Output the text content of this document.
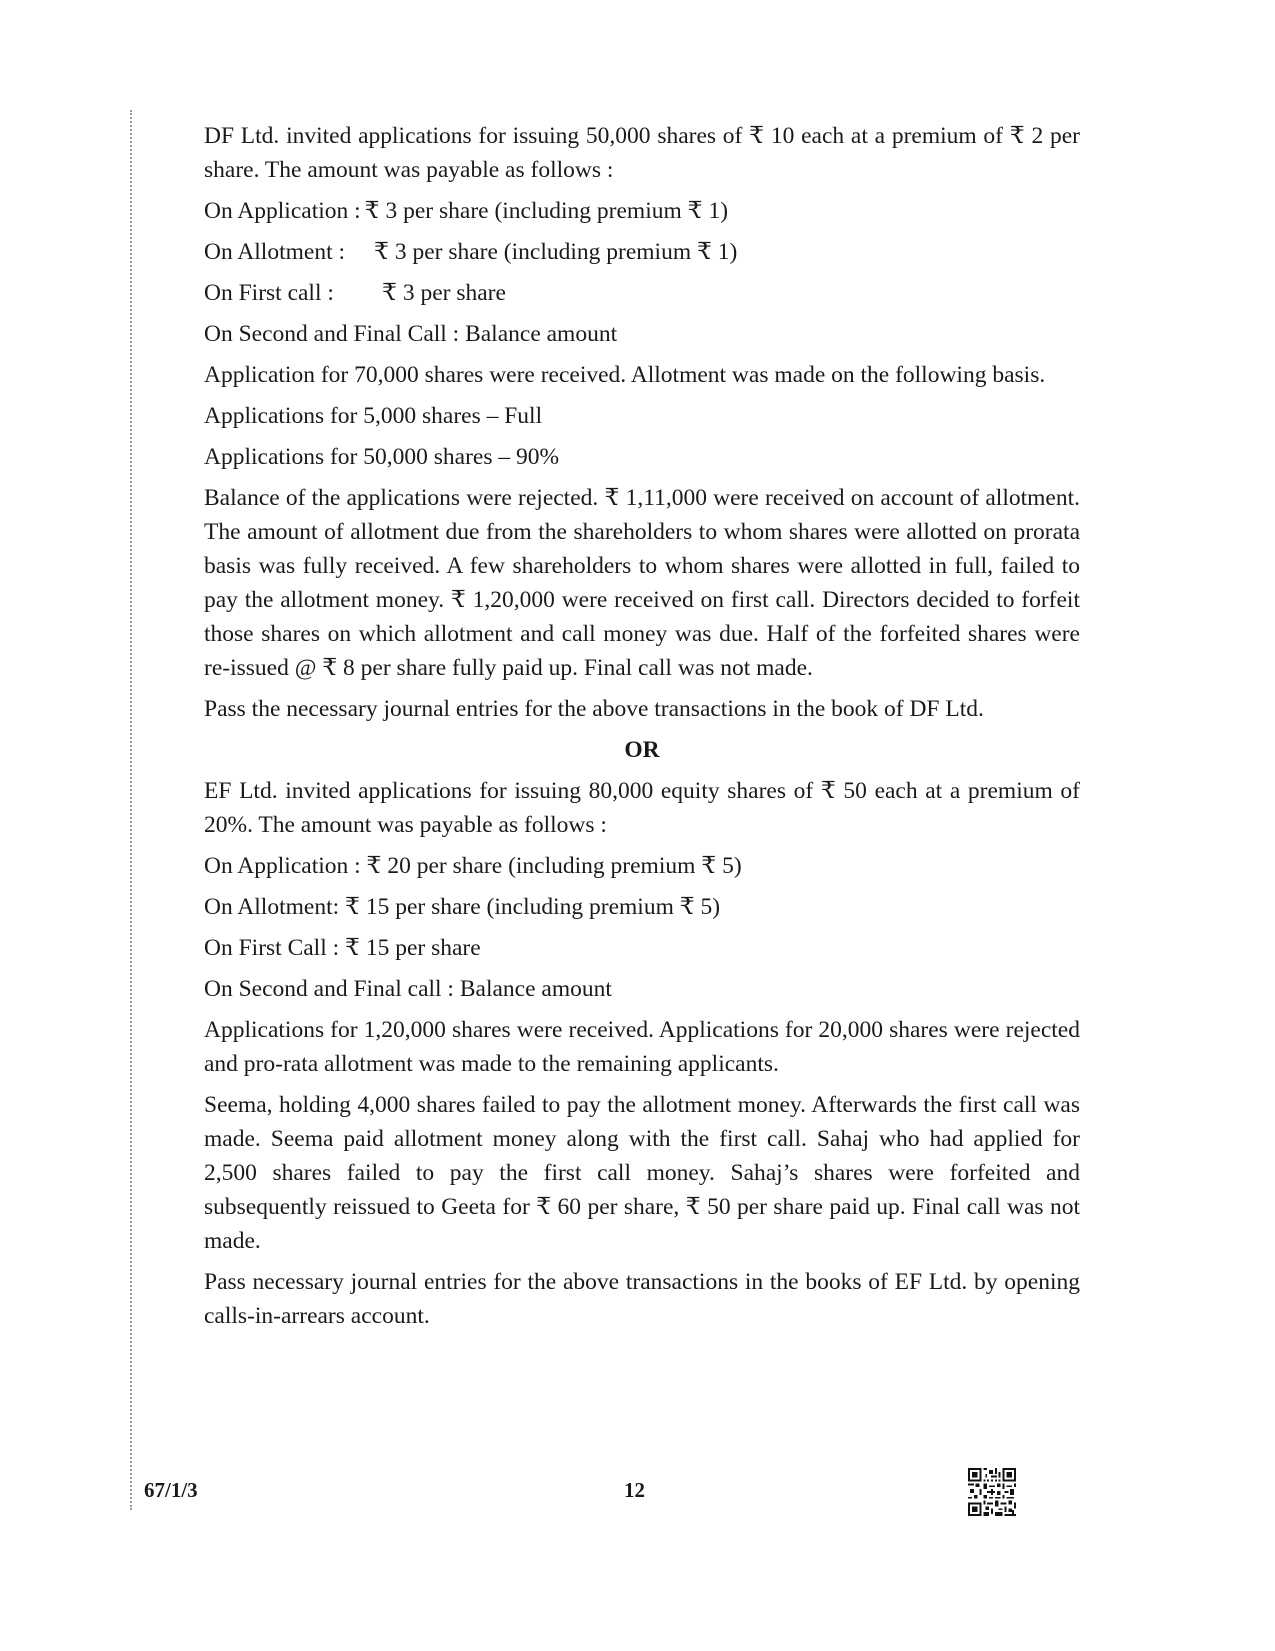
DF Ltd. invited applications for issuing 50,000 shares of ₹ 10 each at a premium of ₹ 2 per share. The amount was payable as follows :

On Application : ₹ 3 per share (including premium ₹ 1)

On Allotment : ₹ 3 per share (including premium ₹ 1)

On First call : ₹ 3 per share

On Second and Final Call : Balance amount

Application for 70,000 shares were received. Allotment was made on the following basis.

Applications for 5,000 shares – Full

Applications for 50,000 shares – 90%

Balance of the applications were rejected. ₹ 1,11,000 were received on account of allotment. The amount of allotment due from the shareholders to whom shares were allotted on prorata basis was fully received. A few shareholders to whom shares were allotted in full, failed to pay the allotment money. ₹ 1,20,000 were received on first call. Directors decided to forfeit those shares on which allotment and call money was due. Half of the forfeited shares were re-issued @ ₹ 8 per share fully paid up. Final call was not made.

Pass the necessary journal entries for the above transactions in the book of DF Ltd.

OR

EF Ltd. invited applications for issuing 80,000 equity shares of ₹ 50 each at a premium of 20%. The amount was payable as follows :

On Application : ₹ 20 per share (including premium ₹ 5)

On Allotment: ₹ 15 per share (including premium ₹ 5)

On First Call : ₹ 15 per share

On Second and Final call : Balance amount

Applications for 1,20,000 shares were received. Applications for 20,000 shares were rejected and pro-rata allotment was made to the remaining applicants.

Seema, holding 4,000 shares failed to pay the allotment money. Afterwards the first call was made. Seema paid allotment money along with the first call. Sahaj who had applied for 2,500 shares failed to pay the first call money. Sahaj’s shares were forfeited and subsequently reissued to Geeta for ₹ 60 per share, ₹ 50 per share paid up. Final call was not made.

Pass necessary journal entries for the above transactions in the books of EF Ltd. by opening calls-in-arrears account.

67/1/3	12
